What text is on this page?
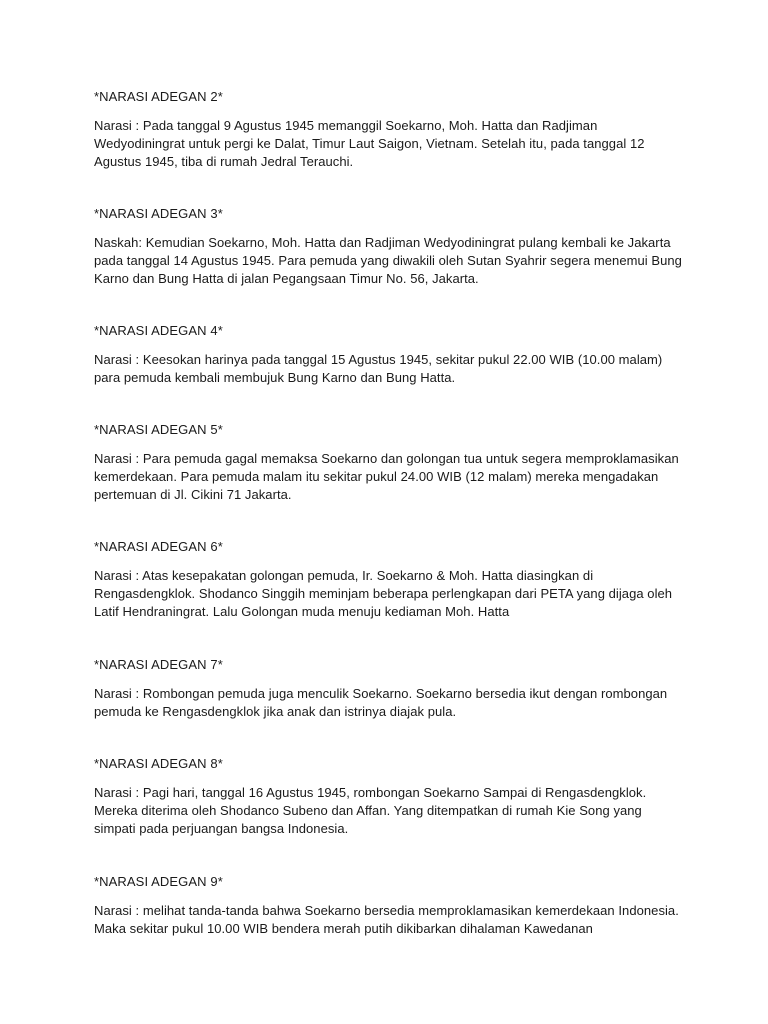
*NARASI ADEGAN 2*

Narasi : Pada tanggal 9 Agustus 1945 memanggil Soekarno, Moh. Hatta dan Radjiman Wedyodiningrat untuk pergi ke Dalat, Timur Laut Saigon, Vietnam. Setelah itu, pada tanggal 12 Agustus 1945, tiba di rumah Jedral Terauchi.

*NARASI ADEGAN 3*

Naskah: Kemudian Soekarno, Moh. Hatta dan Radjiman Wedyodiningrat pulang kembali ke Jakarta pada tanggal 14 Agustus 1945. Para pemuda yang diwakili oleh Sutan Syahrir segera menemui Bung Karno dan Bung Hatta di jalan Pegangsaan Timur No. 56, Jakarta.

*NARASI ADEGAN 4*

Narasi : Keesokan harinya pada tanggal 15 Agustus 1945, sekitar pukul 22.00 WIB (10.00 malam) para pemuda kembali membujuk Bung Karno dan Bung Hatta.

*NARASI ADEGAN 5*

Narasi : Para pemuda gagal memaksa Soekarno dan golongan tua untuk segera memproklamasikan kemerdekaan. Para pemuda malam itu sekitar pukul 24.00 WIB (12 malam) mereka mengadakan pertemuan di Jl. Cikini 71 Jakarta.

*NARASI ADEGAN 6*

Narasi : Atas kesepakatan golongan pemuda, Ir. Soekarno & Moh. Hatta diasingkan di Rengasdengklok. Shodanco Singgih meminjam beberapa perlengkapan dari PETA yang dijaga oleh Latif Hendraningrat. Lalu Golongan muda menuju kediaman Moh. Hatta

*NARASI ADEGAN 7*

Narasi : Rombongan pemuda juga menculik Soekarno. Soekarno bersedia ikut dengan rombongan pemuda ke Rengasdengklok jika anak dan istrinya diajak pula.

*NARASI ADEGAN 8*

Narasi : Pagi hari, tanggal 16 Agustus 1945, rombongan Soekarno Sampai di Rengasdengklok. Mereka diterima oleh Shodanco Subeno dan Affan. Yang ditempatkan di rumah Kie Song yang simpati pada perjuangan bangsa Indonesia.

*NARASI ADEGAN 9*

Narasi : melihat tanda-tanda bahwa Soekarno bersedia memproklamasikan kemerdekaan Indonesia. Maka sekitar pukul 10.00 WIB bendera merah putih dikibarkan dihalaman Kawedanan
